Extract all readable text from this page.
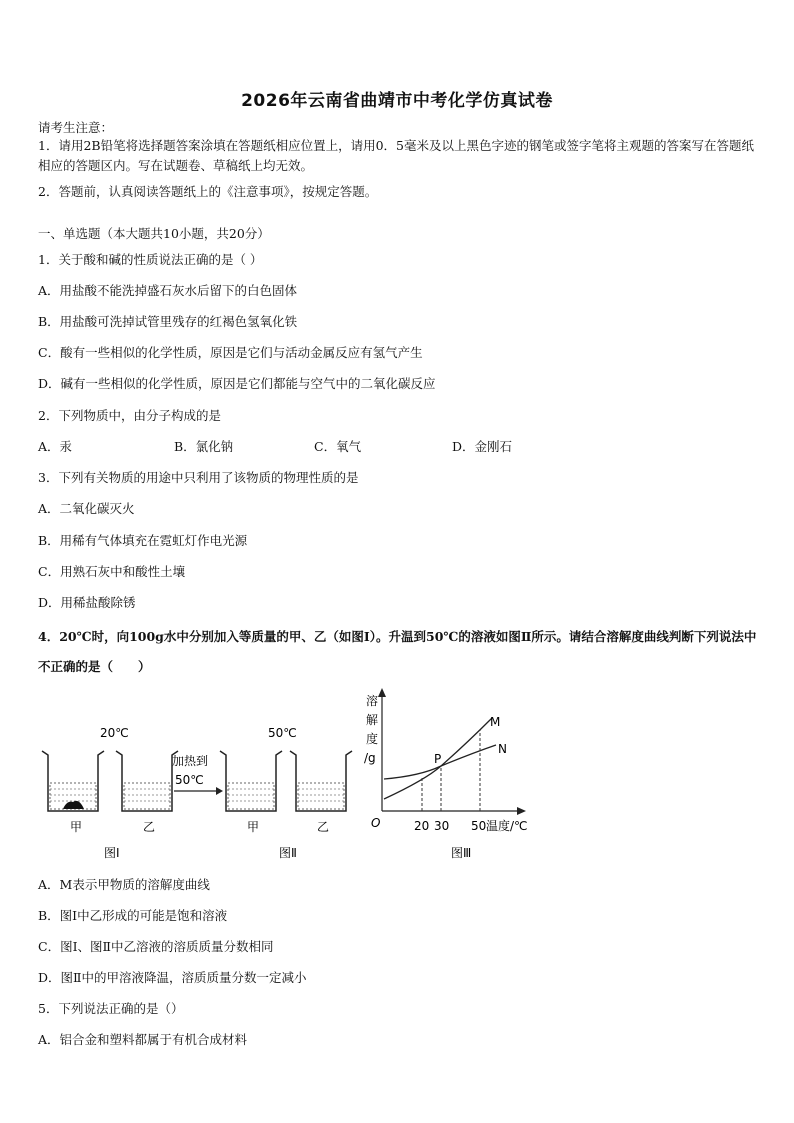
2026年云南省曲靖市中考化学仿真试卷
请考生注意：
1．请用2B铅笔将选择题答案涂填在答题纸相应位置上，请用0．5毫米及以上黑色字迹的钢笔或签字笔将主观题的答案写在答题纸相应的答题区内。写在试题卷、草稿纸上均无效。
2．答题前，认真阅读答题纸上的《注意事项》，按规定答题。
一、单选题（本大题共10小题，共20分）
1．关于酸和碱的性质说法正确的是（ ）
A．用盐酸不能洗掉盛石灰水后留下的白色固体
B．用盐酸可洗掉试管里残存的红褐色氢氧化铁
C．酸有一些相似的化学性质，原因是它们与活动金属反应有氢气产生
D．碱有一些相似的化学性质，原因是它们都能与空气中的二氧化碳反应
2．下列物质中，由分子构成的是
A．汞	B．氯化钠	C．氧气	D．金刚石
3．下列有关物质的用途中只利用了该物质的物理性质的是
A．二氧化碳灭火
B．用稀有气体填充在霓虹灯作电光源
C．用熟石灰中和酸性土壤
D．用稀盐酸除锈
4．20℃时，向100g水中分别加入等质量的甲、乙（如图I）。升温到50℃的溶液如图Ⅱ所示。请结合溶解度曲线判断下列说法中不正确的是（　　）
20℃	50℃
加热到
50℃
甲	乙	甲	乙
图Ⅰ	图Ⅱ	图Ⅲ
溶
解
度
/g
M
N
P
O	20 30 50 温度/℃
A．M表示甲物质的溶解度曲线
B．图Ⅰ中乙形成的可能是饱和溶液
C．图Ⅰ、图Ⅱ中乙溶液的溶质质量分数相同
D．图Ⅱ中的甲溶液降温，溶质质量分数一定减小
5．下列说法正确的是（）
A．铝合金和塑料都属于有机合成材料
